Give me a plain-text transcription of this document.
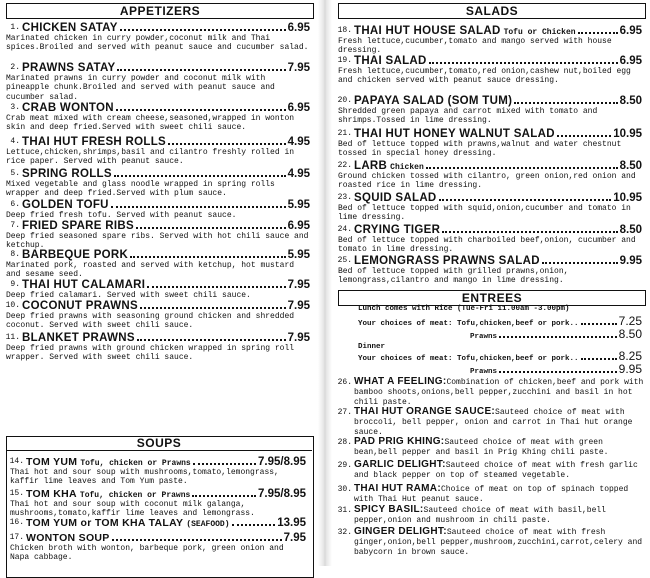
APPETIZERS
1. CHICKEN SATAY	6.95
Marinated chicken in curry powder,coconut milk and Thai spices.Broiled and served with peanut sauce and cucumber salad.
2. PRAWNS SATAY	7.95
Marinated prawns in curry powder and coconut milk with pineapple chunk.Broiled and served with peanut sauce and cucumber salad.
3. CRAB WONTON	6.95
Crab meat mixed with cream cheese,seasoned,wrapped in wonton skin and deep fried.Served with sweet chili sauce.
4. THAI HUT FRESH ROLLS	4.95
Lettuce,chicken,shrimps,basil and cilantro freshly rolled in rice paper. Served with peanut sauce.
5. SPRING ROLLS	4.95
Mixed vegetable and glass noodle wrapped in spring rolls wrapper and deep fried.Served with plum sauce.
6. GOLDEN TOFU	5.95
Deep fried fresh tofu. Served with peanut sauce.
7. FRIED SPARE RIBS	6.95
Deep fried seasoned spare ribs. Served with hot chili sauce and ketchup.
8. BARBEQUE PORK	5.95
Marinated pork, roasted and served with ketchup, hot mustard and sesame seed.
9. THAI HUT CALAMARI	7.95
Deep fried calamari. Served with sweet chili sauce.
10. COCONUT PRAWNS	7.95
Deep fried prawns with seasoning ground chicken and shredded coconut. Served with sweet chili sauce.
11. BLANKET PRAWNS	7.95
Deep fried prawns with ground chicken wrapped in spring roll wrapper. Served with sweet chili sauce.
SOUPS
14. TOM YUM Tofu, chicken or Prawns	7.95/8.95
Thai hot and sour soup with mushrooms,tomato,lemongrass, kaffir lime leaves and Tom Yum paste.
15. TOM KHA Tofu, chicken or Prawns	7.95/8.95
Thai hot and sour soup with coconut milk galanga, mushrooms,tomato,kaffir lime leaves and lemongrass.
16. TOM YUM or TOM KHA TALAY (SEAFOOD)	13.95
17. WONTON SOUP	7.95
Chicken broth with wonton, barbeque pork, green onion and Napa cabbage.
SALADS
18. THAI HUT HOUSE SALAD Tofu or Chicken	6.95
Fresh lettuce,cucumber,tomato and mango served with house dressing.
19. THAI SALAD	6.95
Fresh lettuce,cucumber,tomato,red onion,cashew nut,boiled egg and chicken served with peanut sauce dressing.
20. PAPAYA SALAD (SOM TUM)	8.50
Shredded green papaya and carrot mixed with tomato and shrimps.Tossed in lime dressing.
21. THAI HUT HONEY WALNUT SALAD	10.95
Bed of lettuce topped with prawns,walnut and water chestnut tossed in special honey dressing.
22. LARB Chicken	8.50
Ground chicken tossed with cilantro, green onion,red onion and roasted rice in lime dressing.
23. SQUID SALAD	10.95
Bed of lettuce topped with squid,onion,cucumber and tomato in lime dressing.
24. CRYING TIGER	8.50
Bed of lettuce topped with charboiled beef,onion, cucumber and tomato in lime dressing.
25. LEMONGRASS PRAWNS SALAD	9.95
Bed of lettuce topped with grilled prawns,onion, lemongrass,cilantro and mango in lime dressing.
ENTREES
Lunch comes with Rice (Tue-Fri 11.00am -3.00pm)
Your choices of meat: Tofu,chicken,beef or pork..	7.25
Prawns	8.50
Dinner
Your choices of meat: Tofu,chicken,beef or pork..	8.25
Prawns	9.95
26. WHAT A FEELING:Combination of chicken,beef and pork with bamboo shoots,onions,bell pepper,zucchini and basil in hot chili paste.
27. THAI HUT ORANGE SAUCE:Sauteed choice of meat with broccoli, bell pepper, onion and carrot in Thai hut orange sauce.
28. PAD PRIG KHING:Sauteed choice of meat with green bean,bell pepper and basil in Prig Khing chili paste.
29. GARLIC DELIGHT:Sauteed choice of meat with fresh garlic and black pepper on top of steamed vegetable.
30. THAI HUT RAMA:Choice of meat on top of spinach topped with Thai Hut peanut sauce.
31. SPICY BASIL:Sauteed choice of meat with basil,bell pepper,onion and mushroom in chili paste.
32. GINGER DELIGHT:Sauteed choice of meat with fresh ginger,onion,bell pepper,mushroom,zucchini,carrot,celery and babycorn in brown sauce.
